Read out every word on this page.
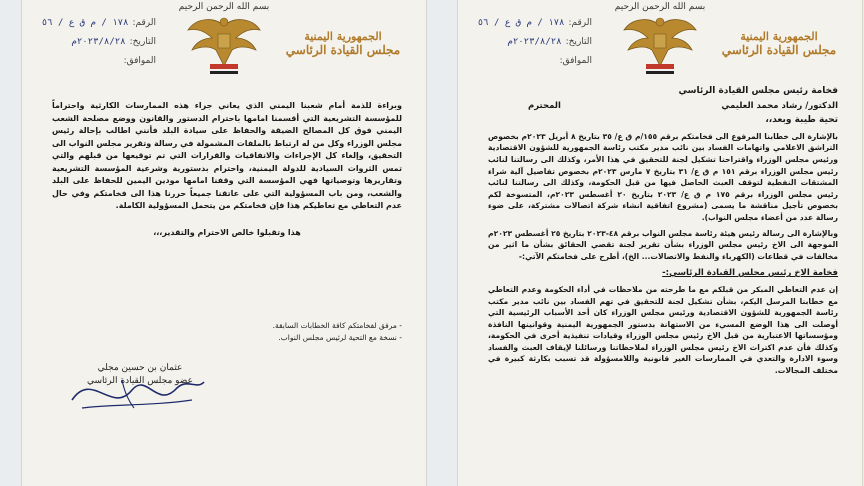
بسم الله الرحمن الرحيم
الجمهورية اليمنية
مجلس القيادة الرئاسي
الرقم:١٧٨ / م ق ع / ٥٦
التاريخ:٢٠٢٣/٨/٢٨م
الموافق:

وبراءة للذمة أمام شعبنا اليمني الذي يعاني جراء هذه الممارسات الكارثية واحتراماً للمؤسسة التشريعية التي أقسمنا امامها باحترام الدستور والقانون ووضع مصلحة الشعب اليمني فوق كل المصالح الضيقة والحفاظ على سيادة البلد فأنني اطالب بإحالة رئيس مجلس الوزراء وكل من له ارتباط بالملفات المشمولة في رسالة وتقرير مجلس النواب الى التحقيق، وإلغاء كل الإجراءات والاتفاقيات والقرارات التي تم توقيعها من قبلهم والتي تمس الثروات السيادية للدولة اليمنية، واحترام بدستورية وشرعية المؤسسة التشريعية وتقاريرها وتوصياتها فهي المؤسسة التي وقفنا امامها مودين اليمين للحفاظ على البلد والشعب، ومن باب المسؤولية التي على عاتقنا جميعاً حررنا هذا الى فخامتكم وفي حال عدم التعاطي مع تعاطيكم هذا فإن فخامتكم من يتحمل المسؤولية الكاملة.

هذا وتقبلوا خالص الاحترام والتقدير،،،

- مرفق لفخامتكم كافة الخطابات السابقة.
- نسخة مع التحية لرئيس مجلس النواب.
عثمان بن حسين مجلي
عضو مجلس القيادة الرئاسي
بسم الله الرحمن الرحيم
الجمهورية اليمنية
مجلس القيادة الرئاسي
الرقم:١٧٨ / م ق ع / ٥٦
التاريخ:٢٠٢٣/٨/٢٨م
الموافق:
فخامة رئيس مجلس القيادة الرئاسي
الدكتور/ رشاد محمد العليمي
المحترم
تحية طيبة وبعد،،

بالإشارة الى خطابنا المرفوع الى فخامتكم برقم ١٥٥/م ق ع/ ٣٥ بتاريخ ٨ أبريل ٢٠٢٣م بخصوص التراشق الاعلامي واتهامات الفساد بين نائب مدير مكتب رئاسة الجمهورية للشؤون الاقتصادية ورئيس مجلس الوزراء واقتراحنا تشكيل لجنة للتحقيق في هذا الأمر، وكذلك الى رسالتنا لنائب رئيس مجلس الوزراء برقم ١٥١ م ق ع/ ٣١ بتاريخ ٧ مارس ٢٠٢٣م بخصوص تفاصيل آلية شراء المشتقات النفطية لتوقف العبث الحاصل فيها من قبل الحكومة، وكذلك الى رسالتنا لنائب رئيس مجلس الوزراء برقم ١٧٥ م ق ع/ ٢٠٢٣ بتاريخ ٢٠ أغسطس ٢٠٢٣م، المتسوخة لكم بخصوص تأجيل مناقشة ما يسمى (مشروع اتفاقية انشاء شركة اتصالات مشتركة، على ضوء رسالة عدد من أعضاء مجلس النواب).

وبالإشارة الى رسالة رئيس هيئة رئاسة مجلس النواب برقم ٤٨-٢٠٢٣ بتاريخ ٢٥ أغسطس ٢٠٢٣م الموجهة الى الاخ رئيس مجلس الوزراء بشأن تقرير لجنة تقصي الحقائق بشأن ما اثير من مخالفات في قطاعات (الكهرباء والنفط والاتصالات... الخ)، أطرح على فخامتكم الآتي:-

فخامة الاخ رئيس مجلس القيادة الرئاسي:-

إن عدم التعاطي المبكر من قبلكم مع ما طرحته من ملاحظات في أداء الحكومة وعدم التعاطي مع خطابنا المرسل اليكم، بشأن تشكيل لجنة للتحقيق في تهم الفساد بين نائب مدير مكتب رئاسة الجمهورية للشؤون الاقتصادية ورئيس مجلس الوزراء كان أحد الأسباب الرئيسية التي أوصلت الى هذا الوضع المسيء من الاستهانة بدستور الجمهورية اليمنية وقوانينها النافذة ومؤسساتها الاعتبارية من قبل الاخ رئيس مجلس الوزراء وقيادات تنفيذية أخرى في الحكومة، وكذلك فأن عدم اكتراث الاخ رئيس مجلس الوزراء لملاحظاتنا ورسائلنا لإيقاف العبث والفساد وسوء الادارة والتعدي في الممارسات الغير قانونية واللامسؤولة قد تسبب بكارثة كبيرة في مختلف المجالات.
